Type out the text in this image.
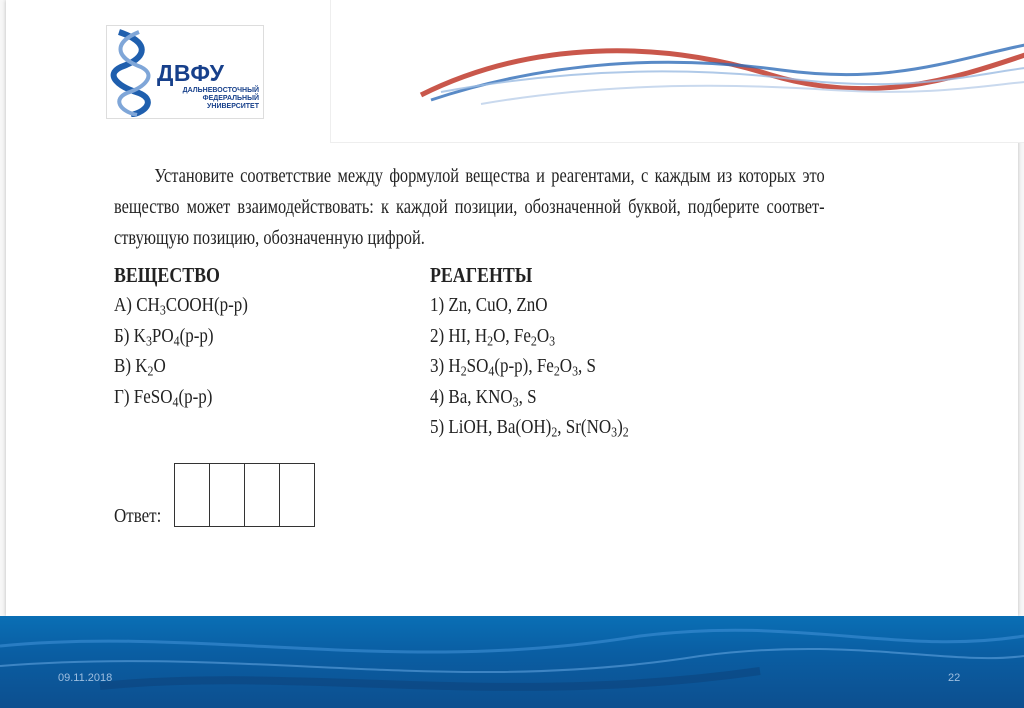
ДВФУ
ДАЛЬНЕВОСТОЧНЫЙ
ФЕДЕРАЛЬНЫЙ
УНИВЕРСИТЕТ
Установите соответствие между формулой вещества и реагентами, с каждым из которых это вещество может взаимодействовать: к каждой позиции, обозначенной буквой, подберите соответ-ствующую позицию, обозначенную цифрой.
ВЕЩЕСТВО
А) $CH_3COOH(р-р)$
Б) $K_3PO_4(р-р)$
В) $K_2O$
Г) FeSO$_4$(р-р)
РЕАГЕНТЫ
1) Zn, CuO, ZnO
2) HI, $H_2O$, $Fe_2O_3$
3) $H_2SO_4(р-р)$, $Fe_2O_3$, S
4) Ba, $KNO_3$, S
5) LiOH, $Ba(OH)_2$, $Sr(NO_3)_2$
Ответ:
09.11.2018	22
